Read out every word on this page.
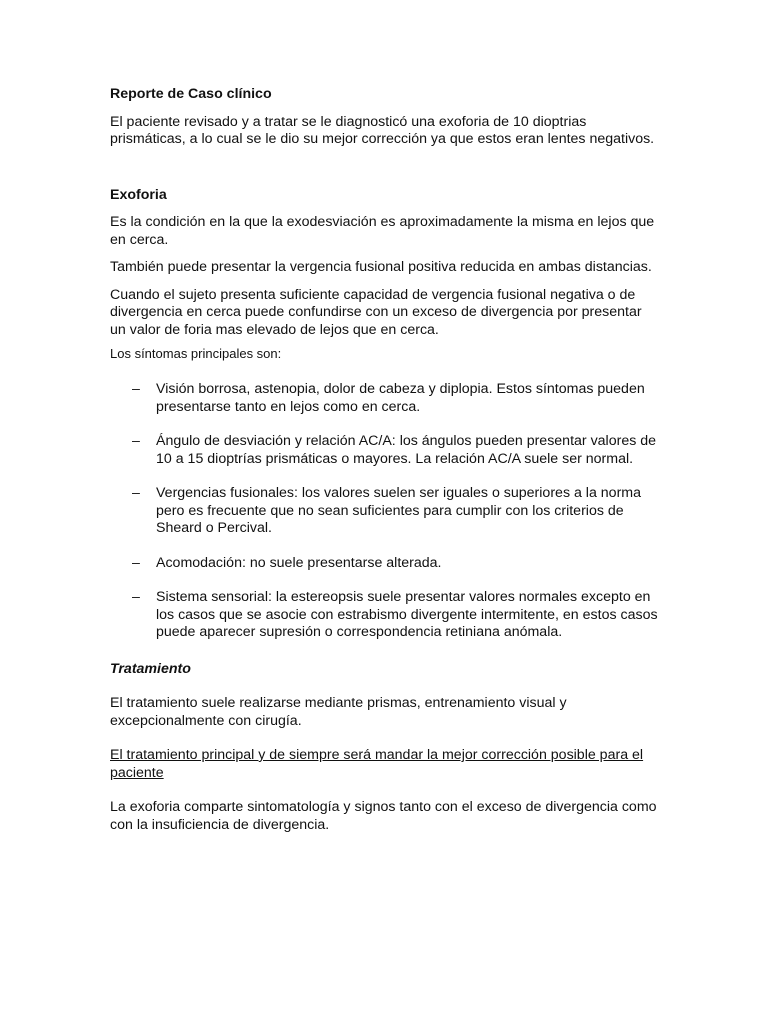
Reporte de Caso clínico

El paciente revisado y a tratar se le diagnosticó una exoforia de 10 dioptrias prismáticas, a lo cual se le dio su mejor corrección ya que estos eran lentes negativos.

Exoforia

Es la condición en la que la exodesviación es aproximadamente la misma en lejos que en cerca.

También puede presentar la vergencia fusional positiva reducida en ambas distancias.

Cuando el sujeto presenta suficiente capacidad de vergencia fusional negativa o de divergencia en cerca puede confundirse con un exceso de divergencia por presentar un valor de foria mas elevado de lejos que en cerca.

Los síntomas principales son:

– Visión borrosa, astenopia, dolor de cabeza y diplopia. Estos síntomas pueden presentarse tanto en lejos como en cerca.
– Ángulo de desviación y relación AC/A: los ángulos pueden presentar valores de 10 a 15 dioptrías prismáticas o mayores. La relación AC/A suele ser normal.
– Vergencias fusionales: los valores suelen ser iguales o superiores a la norma pero es frecuente que no sean suficientes para cumplir con los criterios de Sheard o Percival.
– Acomodación: no suele presentarse alterada.
– Sistema sensorial: la estereopsis suele presentar valores normales excepto en los casos que se asocie con estrabismo divergente intermitente, en estos casos puede aparecer supresión o correspondencia retiniana anómala.

Tratamiento

El tratamiento suele realizarse mediante prismas, entrenamiento visual y excepcionalmente con cirugía.

El tratamiento principal y de siempre será mandar la mejor corrección posible para el paciente

La exoforia comparte sintomatología y signos tanto con el exceso de divergencia como con la insuficiencia de divergencia.
